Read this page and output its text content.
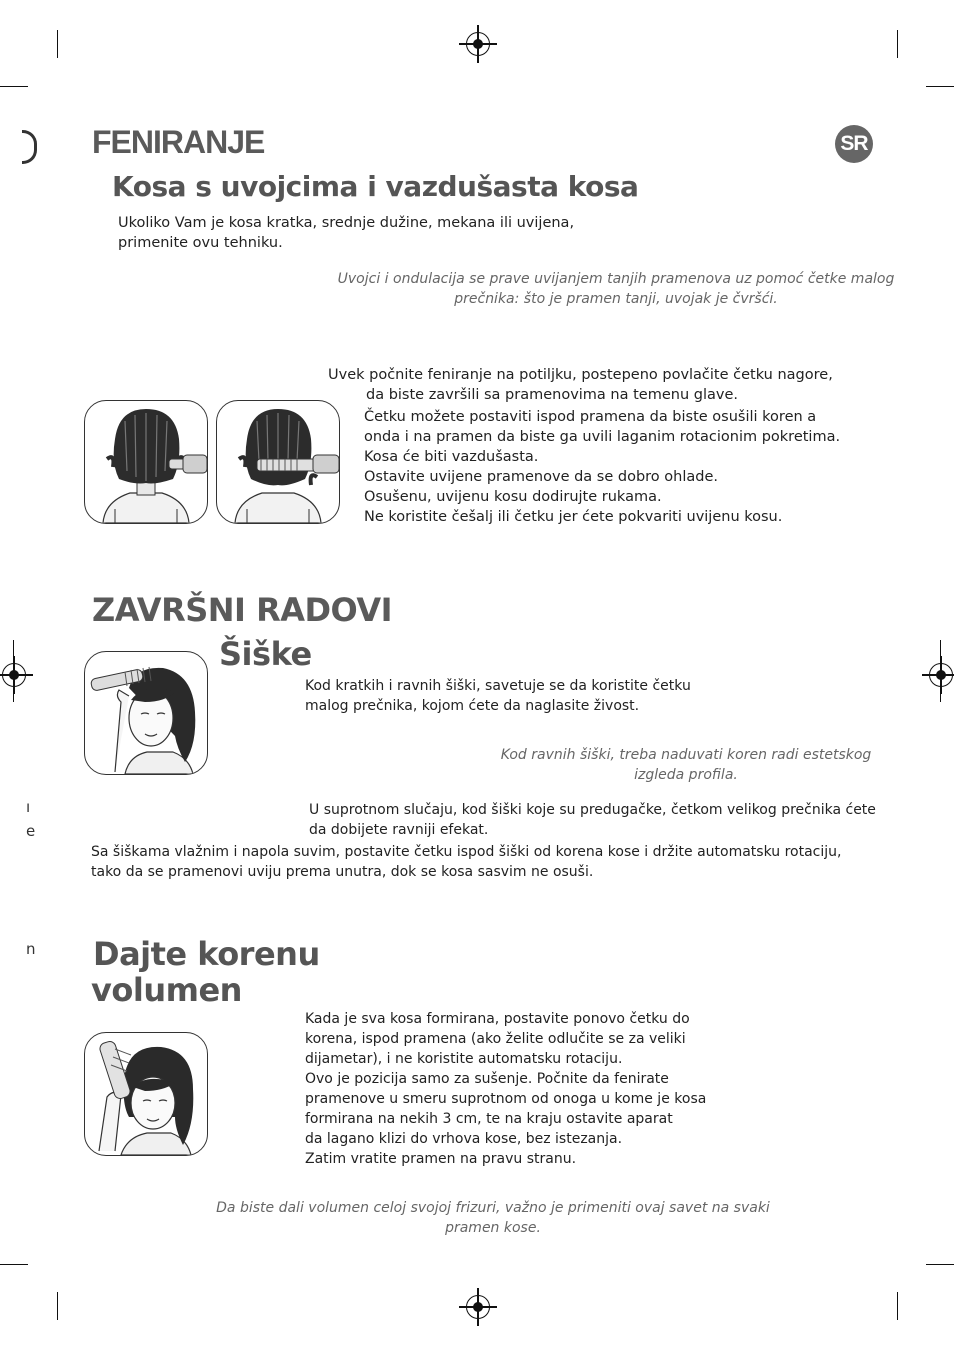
ı
e
n
SR
FENIRANJE
Kosa s uvojcima i vazdušasta kosa
Ukoliko Vam je kosa kratka, srednje dužine, mekana ili uvijena,
primenite ovu tehniku.
Uvojci i ondulacija se prave uvijanjem tanjih pramenova uz pomoć četke malog
prečnika: što je pramen tanji, uvojak je čvršći.
Uvek počnite feniranje na potiljku, postepeno povlačite četku nagore,
da biste završili sa pramenovima na temenu glave.
Četku možete postaviti ispod pramena da biste osušili koren a
onda i na pramen da biste ga uvili laganim rotacionim pokretima.
Kosa će biti vazdušasta.
Ostavite uvijene pramenove da se dobro ohlade.
Osušenu, uvijenu kosu dodirujte rukama.
Ne koristite češalj ili četku jer ćete pokvariti uvijenu kosu.
ZAVRŠNI RADOVI
Šiške
Kod kratkih i ravnih šiški, savetuje se da koristite četku
malog prečnika, kojom ćete da naglasite živost.
Kod ravnih šiški, treba naduvati koren radi estetskog
izgleda profila.
U suprotnom slučaju, kod šiški koje su predugačke, četkom velikog prečnika ćete
da dobijete ravniji efekat.
Sa šiškama vlažnim i napola suvim, postavite četku ispod šiški od korena kose i držite automatsku rotaciju,
tako da se pramenovi uviju prema unutra, dok se kosa sasvim ne osuši.
Dajte korenu
volumen
Kada je sva kosa formirana, postavite ponovo četku do
korena, ispod pramena (ako želite odlučite se za veliki
dijametar), i ne koristite automatsku rotaciju.
Ovo je pozicija samo za sušenje. Počnite da fenirate
pramenove u smeru suprotnom od onoga u kome je kosa
formirana na nekih 3 cm, te na kraju ostavite aparat
da lagano klizi do vrhova kose, bez istezanja.
Zatim vratite pramen na pravu stranu.
Da biste dali volumen celoj svojoj frizuri, važno je primeniti ovaj savet na svaki
pramen kose.
